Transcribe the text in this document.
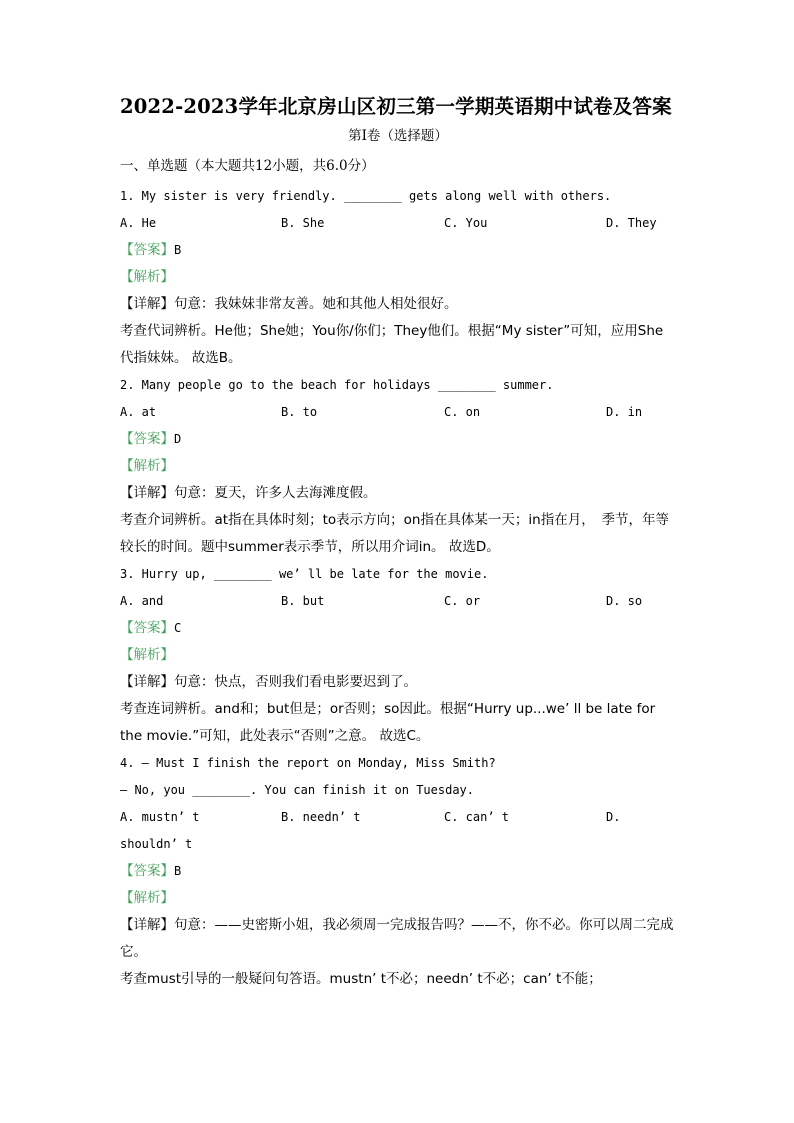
2022-2023学年北京房山区初三第一学期英语期中试卷及答案
第I卷（选择题）
一、单选题（本大题共12小题，共6.0分）
1. My sister is very friendly. ________ gets along well with others.
A. He	B. She	C. You	D. They
【答案】B
【解析】
【详解】句意：我妹妹非常友善。她和其他人相处很好。
考查代词辨析。He他；She她；You你/你们；They他们。根据“My sister”可知，应用She代指妹妹。 故选B。
2. Many people go to the beach for holidays ________ summer.
A. at	B. to	C. on	D. in
【答案】D
【解析】
【详解】句意：夏天，许多人去海滩度假。
考查介词辨析。at指在具体时刻；to表示方向；on指在具体某一天；in指在月，　季节，年等较长的时间。题中summer表示季节，所以用介词in。 故选D。
3. Hurry up, ________ we’ ll be late for the movie.
A. and	B. but	C. or	D. so
【答案】C
【解析】
【详解】句意：快点，否则我们看电影要迟到了。
考查连词辨析。and和；but但是；or否则；so因此。根据“Hurry up...we’ ll be late for the movie.”可知，此处表示“否则”之意。 故选C。
4. — Must I finish the report on Monday, Miss Smith?
— No, you ________. You can finish it on Tuesday.
A. mustn’ t	B. needn’ t	C. can’ t	D.
shouldn’ t
【答案】B
【解析】
【详解】句意：——史密斯小姐，我必须周一完成报告吗？——不，你不必。你可以周二完成它。
考查must引导的一般疑问句答语。mustn’ t不必；needn’ t不必；can’ t不能；
